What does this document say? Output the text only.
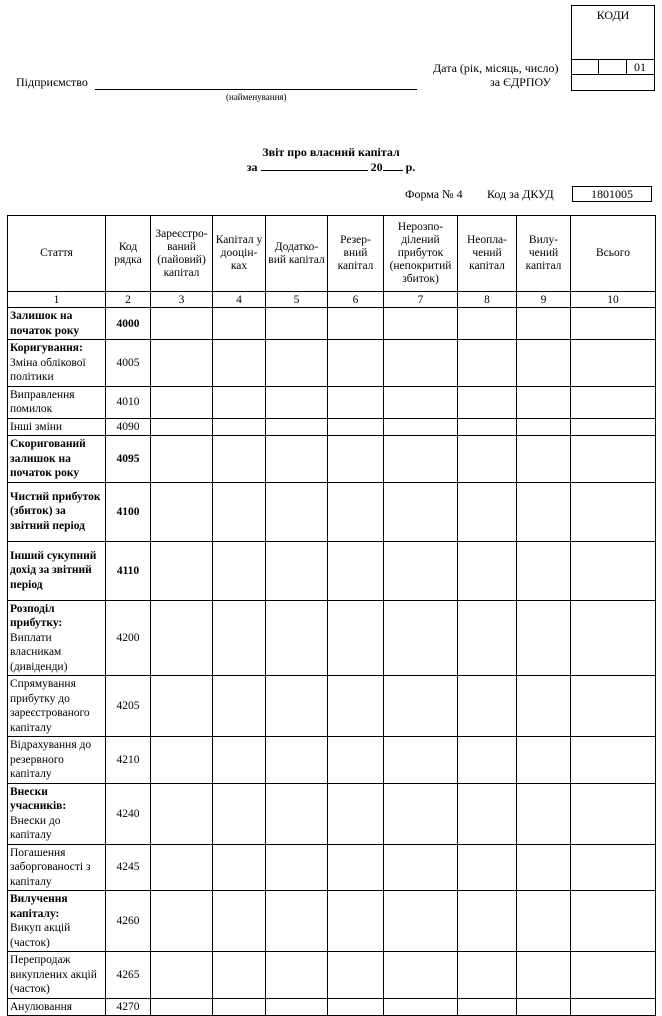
КОДИ
01
Дата (рік, місяць, число)
за ЄДРПОУ
Підприємство
(найменування)
Звіт про власний капітал
за	20 р.
Форма № 4 Код за ДКУД	1801005
Стаття	Код рядка	Зареєстро-ваний (пайовий) капітал	Капітал у дооцін-ках	Додатко-вий капітал	Резер-вний капітал	Нерозпо-ділений прибуток (непокритий збиток)	Неопла-чений капітал	Вилу-чений капітал	Всього
1	2	3	4	5	6	7	8	9	10

Залишок на початок року	4000								

Коригування:
Зміна облікової політики	4005								

Виправлення помилок	4010								

Інші зміни	4090								

Скоригований залишок на початок року	4095								

Чистий прибуток (збиток) за звітний період	4100								

Інший сукупний дохід за звітний період	4110								

Розподіл прибутку:
Виплати власникам (дивіденди)	4200								

Спрямування прибутку до зареєстрованого капіталу	4205								

Відрахування до резервного капіталу	4210								

Внески учасників:
Внески до капіталу	4240								

Погашення заборгованості з капіталу	4245								

Вилучення капіталу:
Викуп акцій (часток)	4260								

Перепродаж викуплених акцій (часток)	4265								

Анулювання	4270								
